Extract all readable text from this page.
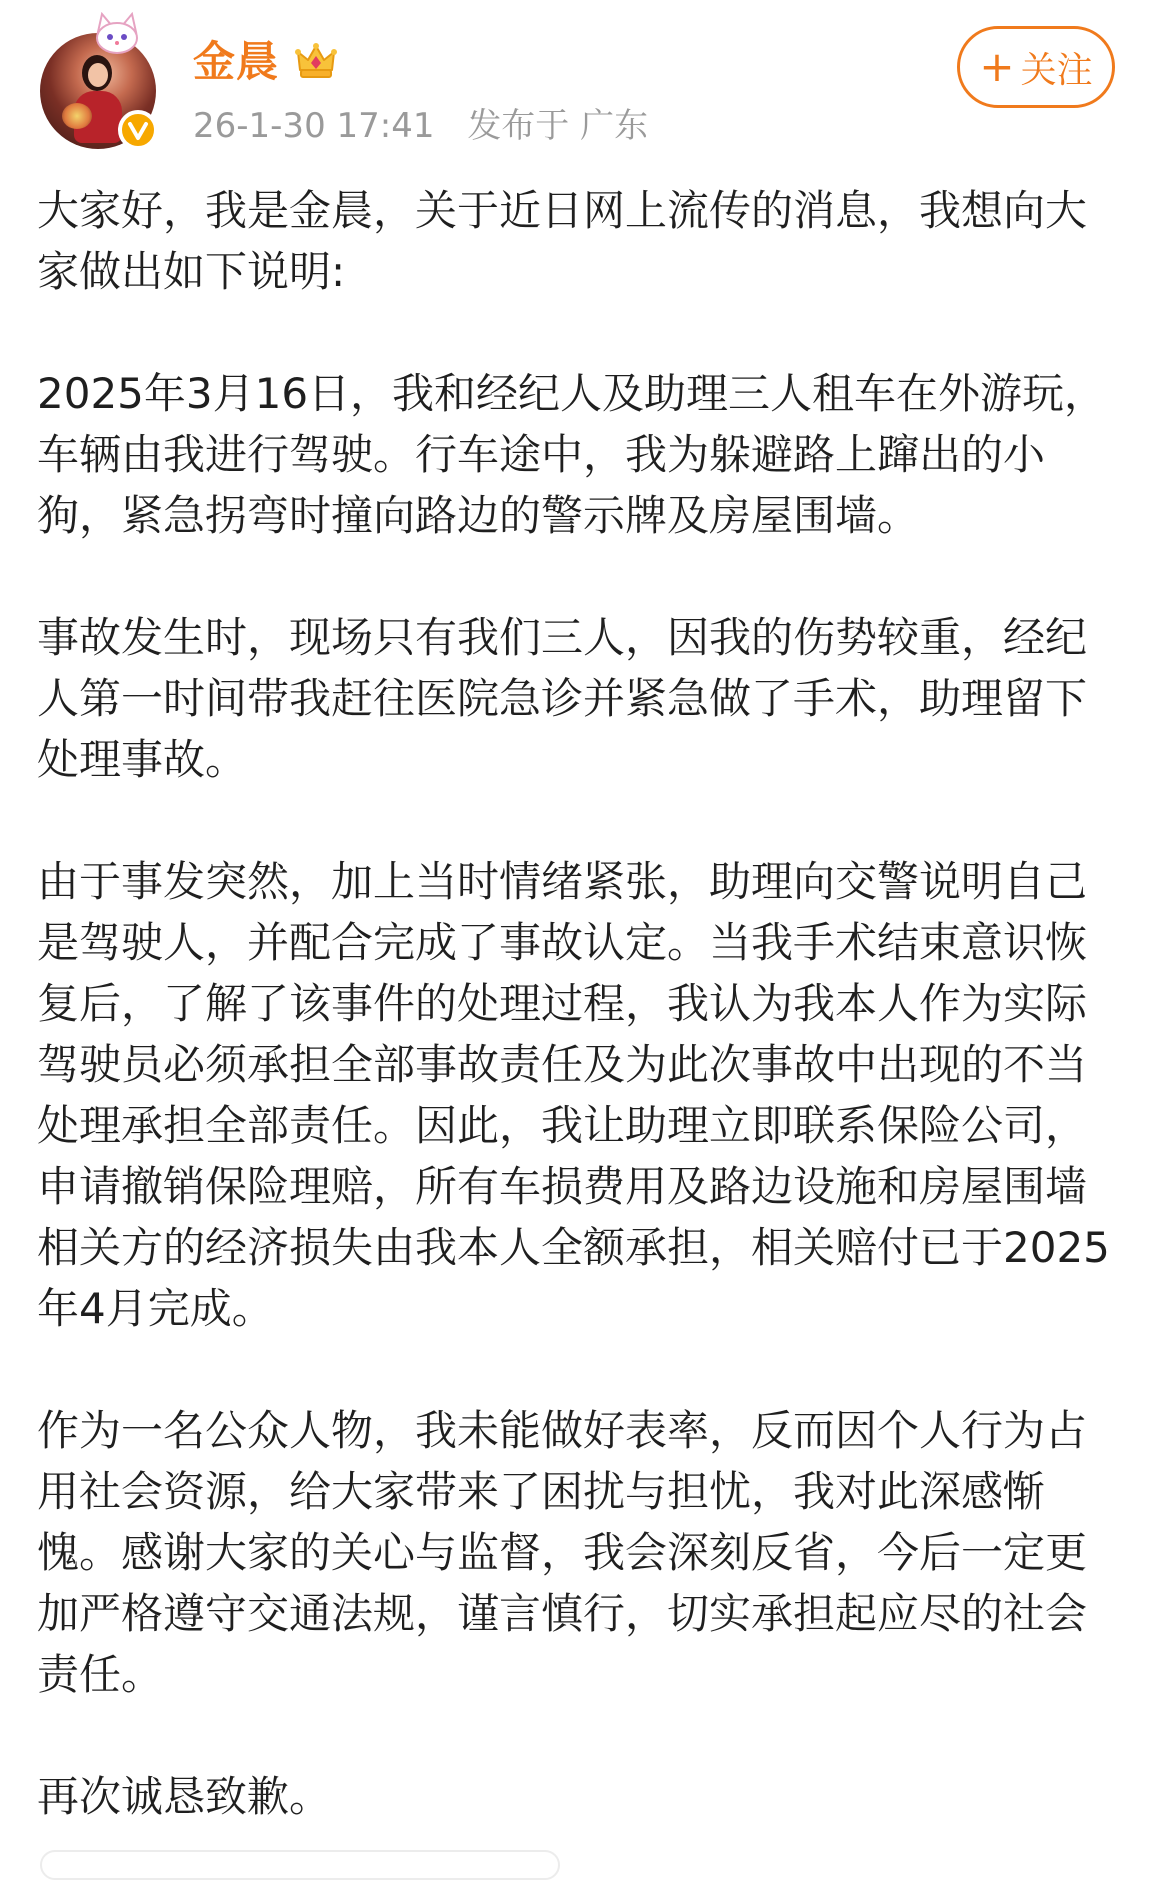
金晨
26-1-30 17:41 发布于 广东
+ 关注

大家好，我是金晨，关于近日网上流传的消息，我想向大家做出如下说明:

2025年3月16日，我和经纪人及助理三人租车在外游玩，车辆由我进行驾驶。行车途中，我为躲避路上蹿出的小狗，紧急拐弯时撞向路边的警示牌及房屋围墙。

事故发生时，现场只有我们三人，因我的伤势较重，经纪人第一时间带我赶往医院急诊并紧急做了手术，助理留下处理事故。

由于事发突然，加上当时情绪紧张，助理向交警说明自己是驾驶人，并配合完成了事故认定。当我手术结束意识恢复后，了解了该事件的处理过程，我认为我本人作为实际驾驶员必须承担全部事故责任及为此次事故中出现的不当处理承担全部责任。因此，我让助理立即联系保险公司，申请撤销保险理赔，所有车损费用及路边设施和房屋围墙相关方的经济损失由我本人全额承担，相关赔付已于2025年4月完成。

作为一名公众人物，我未能做好表率，反而因个人行为占用社会资源，给大家带来了困扰与担忧，我对此深感惭愧。感谢大家的关心与监督，我会深刻反省，今后一定更加严格遵守交通法规，谨言慎行，切实承担起应尽的社会责任。

再次诚恳致歉。
